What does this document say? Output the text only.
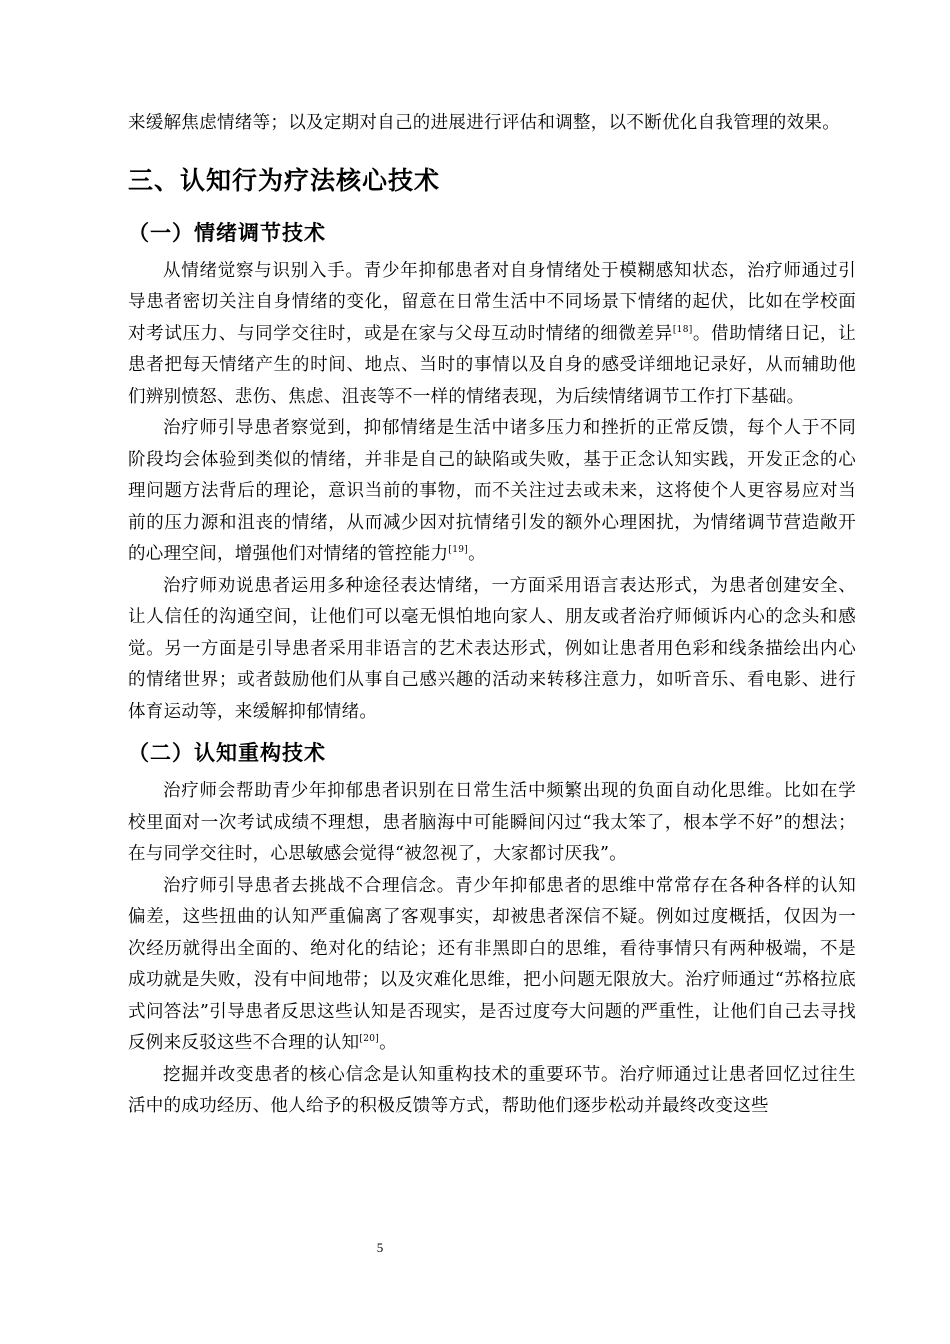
来缓解焦虑情绪等；以及定期对自己的进展进行评估和调整，以不断优化自我管理的效果。

三、认知行为疗法核心技术
（一）情绪调节技术

从情绪觉察与识别入手。青少年抑郁患者对自身情绪处于模糊感知状态，治疗师通过引导患者密切关注自身情绪的变化，留意在日常生活中不同场景下情绪的起伏，比如在学校面对考试压力、与同学交往时，或是在家与父母互动时情绪的细微差异[18]。借助情绪日记，让患者把每天情绪产生的时间、地点、当时的事情以及自身的感受详细地记录好，从而辅助他们辨别愤怒、悲伤、焦虑、沮丧等不一样的情绪表现，为后续情绪调节工作打下基础。

治疗师引导患者察觉到，抑郁情绪是生活中诸多压力和挫折的正常反馈，每个人于不同阶段均会体验到类似的情绪，并非是自己的缺陷或失败，基于正念认知实践，开发正念的心理问题方法背后的理论，意识当前的事物，而不关注过去或未来，这将使个人更容易应对当前的压力源和沮丧的情绪，从而减少因对抗情绪引发的额外心理困扰，为情绪调节营造敞开的心理空间，增强他们对情绪的管控能力[19]。

治疗师劝说患者运用多种途径表达情绪，一方面采用语言表达形式，为患者创建安全、让人信任的沟通空间，让他们可以毫无惧怕地向家人、朋友或者治疗师倾诉内心的念头和感觉。另一方面是引导患者采用非语言的艺术表达形式，例如让患者用色彩和线条描绘出内心的情绪世界；或者鼓励他们从事自己感兴趣的活动来转移注意力，如听音乐、看电影、进行体育运动等，来缓解抑郁情绪。

（二）认知重构技术

治疗师会帮助青少年抑郁患者识别在日常生活中频繁出现的负面自动化思维。比如在学校里面对一次考试成绩不理想，患者脑海中可能瞬间闪过“我太笨了，根本学不好”的想法；在与同学交往时，心思敏感会觉得“被忽视了，大家都讨厌我”。

治疗师引导患者去挑战不合理信念。青少年抑郁患者的思维中常常存在各种各样的认知偏差，这些扭曲的认知严重偏离了客观事实，却被患者深信不疑。例如过度概括，仅因为一次经历就得出全面的、绝对化的结论；还有非黑即白的思维，看待事情只有两种极端，不是成功就是失败，没有中间地带；以及灾难化思维，把小问题无限放大。治疗师通过“苏格拉底式问答法”引导患者反思这些认知是否现实，是否过度夸大问题的严重性，让他们自己去寻找反例来反驳这些不合理的认知[20]。

挖掘并改变患者的核心信念是认知重构技术的重要环节。治疗师通过让患者回忆过往生活中的成功经历、他人给予的积极反馈等方式，帮助他们逐步松动并最终改变这些

5
